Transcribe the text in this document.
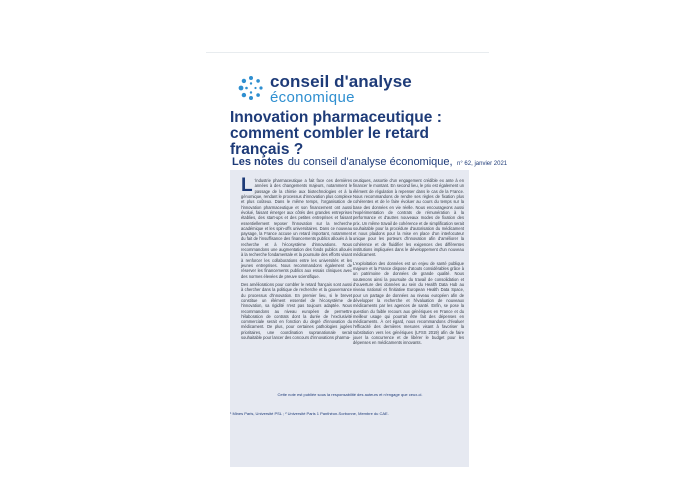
conseil d'analyse
économique
Innovation pharmaceutique : comment combler le retard français ?
Les notes du conseil d'analyse économique, n° 62, janvier 2021

L 'industrie pharmaceutique a fait face ces dernières années à des changements majeurs, notamment le passage de la chimie aux biotechnologies et à la génomique, rendant le processus d'innovation plus complexe et plus coûteux. Dans le même temps, l'organisation de l'innovation pharmaceutique et son financement ont aussi évolué, faisant émerger aux côtés des grandes entreprises établies, des start-ups et des petites entreprises et faisant essentiellement reposer l'innovation sur la recherche académique et les spin-offs universitaires. Dans ce nouveau paysage, la France accuse un retard important, notamment du fait de l'insuffisance des financements publics alloués à la recherche et à l'écosystème d'innovations. Nous recommandons une augmentation des fonds publics alloués à la recherche fondamentale et la poursuite des efforts visant à renforcer les collaborations entre les universités et les jeunes entreprises. Nous recommandons également de réserver les financements publics aux essais cliniques avec des normes élevées de preuve scientifique.

Des améliorations pour combler le retard français sont aussi à chercher dans la politique de recherche et la gouvernance du processus d'innovation. En premier lieu, si le brevet constitue un élément essentiel de l'écosystème de l'innovation, sa rigidité n'est pas toujours adaptée. Nous recommandons au niveau européen de permettre l'élaboration de contrats dont la durée de l'exclusivité commerciale serait en fonction du degré d'innovation du médicament. De plus, pour certaines pathologies jugées prioritaires, une coordination supranationale serait souhaitable pour lancer des concours d'innovations pharma-

ceutiques, assortie d'un engagement crédible ex ante à en financer le montant. En second lieu, le prix est également un élément de régulation à repenser dans le cas de la France. Nous recommandons de rendre ses règles de fixation plus cohérentes et de le faire évoluer au cours du temps sur la base des données en vie réelle. Nous encourageons aussi l'expérimentation de contrats de rémunération à la performance et d'autres nouveaux modes de fixation des prix. Un même travail de cohérence et de simplification serait souhaitable pour la procédure d'autorisation du médicament et nous plaidons pour la mise en place d'un interlocuteur unique pour les porteurs d'innovation afin d'améliorer la cohérence et de fluidifier les exigences des différentes institutions impliquées dans le développement d'un nouveau médicament.

L'exploitation des données est un enjeu de santé publique majeure et la France dispose d'atouts considérables grâce à un patrimoine de données de grande qualité. Nous soutenons ainsi la poursuite du travail de consolidation et d'ouverture des données au sein du Health Data Hub au niveau national et l'initiative European Health Data Space, pour un partage de données au niveau européen afin de développer la recherche et l'évaluation de nouveaux médicaments par les agences de santé. Enfin, se pose la question du faible recours aux génériques en France et du meilleur usage qui pourrait être fait des dépenses en médicaments. À cet égard, nous recommandons d'évaluer l'efficacité des dernières mesures visant à favoriser la substitution vers les génériques (LFSS 2019) afin de faire jouer la concurrence et de libérer le budget pour les dépenses en médicaments innovants.

Cette note est publiée sous la responsabilité des auteurs et n'engage que ceux-ci.
¹ Mines Paris, Université PSL ; ² Université Paris 1 Panthéon-Sorbonne, Membre du CAE.
